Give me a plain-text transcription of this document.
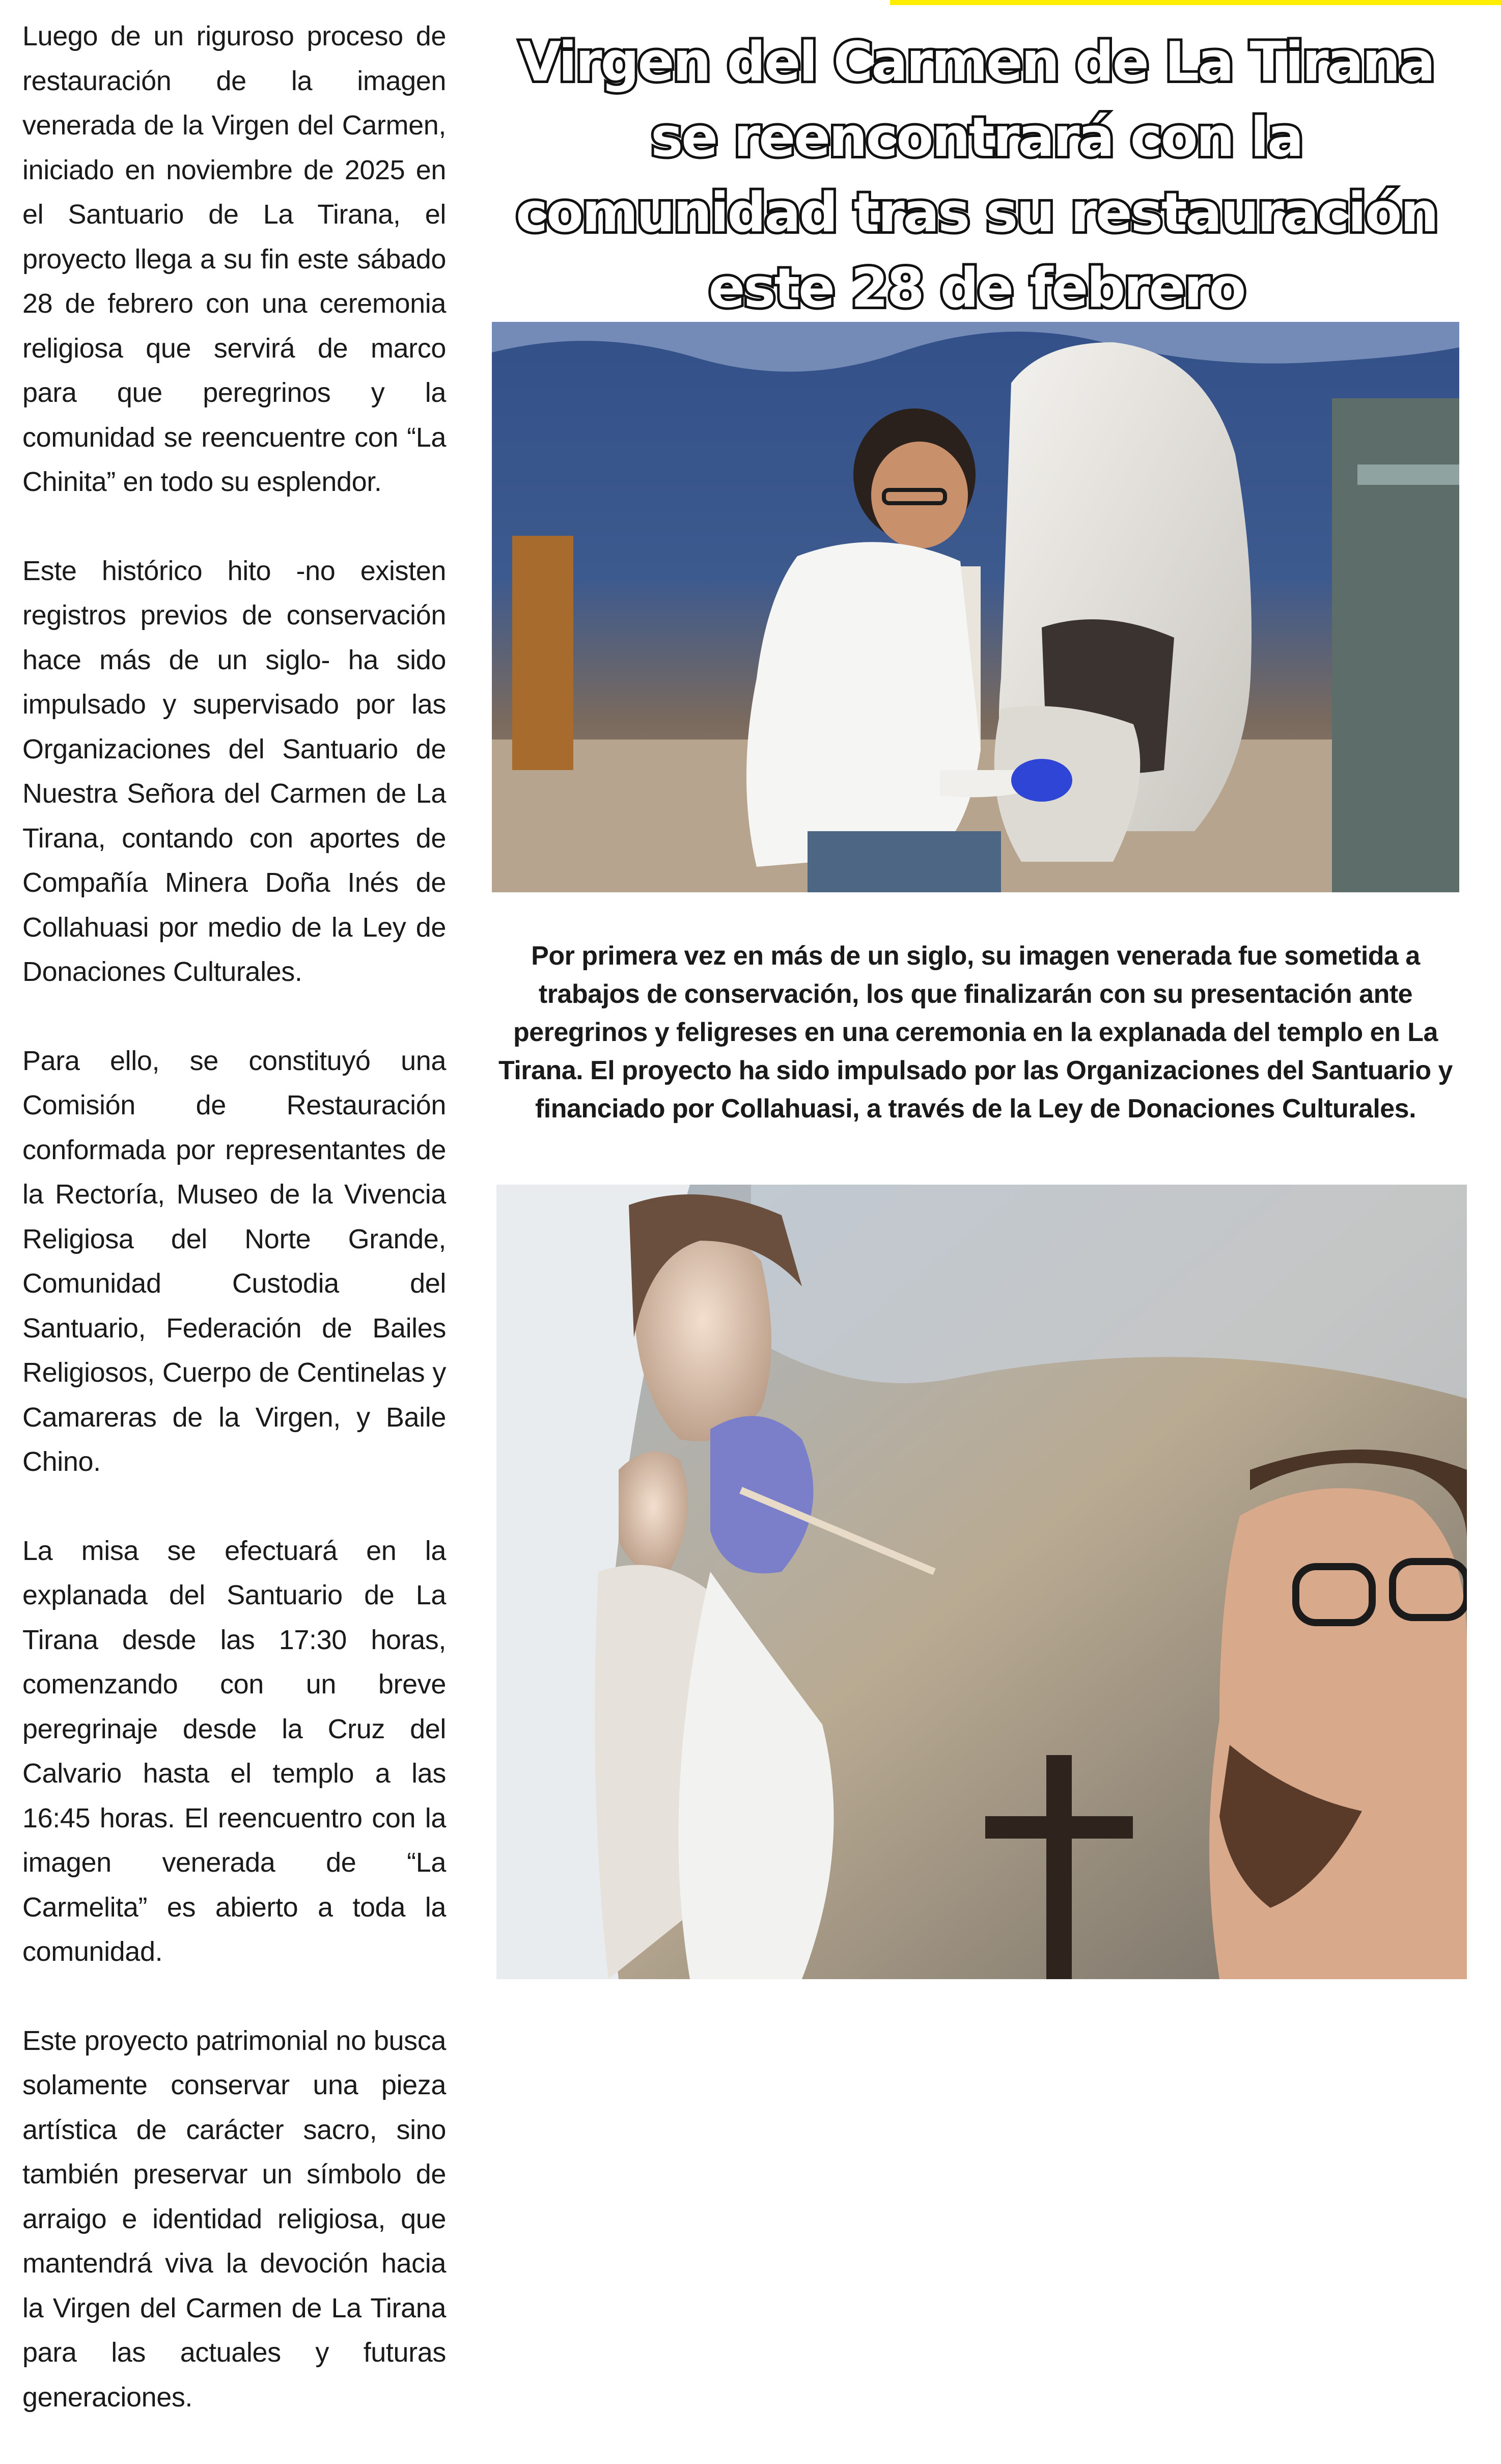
Luego de un riguroso proceso de restauración de la imagen venerada de la Virgen del Carmen, iniciado en noviembre de 2025 en el Santuario de La Tirana, el proyecto llega a su fin este sábado 28 de febrero con una ceremonia religiosa que servirá de marco para que peregrinos y la comunidad se reencuentre con “La Chinita” en todo su esplendor.

Este histórico hito -no existen registros previos de conservación hace más de un siglo- ha sido impulsado y supervisado por las Organizaciones del Santuario de Nuestra Señora del Carmen de La Tirana, contando con aportes de Compañía Minera Doña Inés de Collahuasi por medio de la Ley de Donaciones Culturales.

Para ello, se constituyó una Comisión de Restauración conformada por representantes de la Rectoría, Museo de la Vivencia Religiosa del Norte Grande, Comunidad Custodia del Santuario, Federación de Bailes Religiosos, Cuerpo de Centinelas y Camareras de la Virgen, y Baile Chino.

La misa se efectuará en la explanada del Santuario de La Tirana desde las 17:30 horas, comenzando con un breve peregrinaje desde la Cruz del Calvario hasta el templo a las 16:45 horas. El reencuentro con la imagen venerada de “La Carmelita” es abierto a toda la comunidad.

Este proyecto patrimonial no busca solamente conservar una pieza artística de carácter sacro, sino también preservar un símbolo de arraigo e identidad religiosa, que mantendrá viva la devoción hacia la Virgen del Carmen de La Tirana para las actuales y futuras generaciones.

Virgen del Carmen de La Tirana se reencontrará con la comunidad tras su restauración este 28 de febrero

Por primera vez en más de un siglo, su imagen venerada fue sometida a trabajos de conservación, los que finalizarán con su presentación ante peregrinos y feligreses en una ceremonia en la explanada del templo en La Tirana. El proyecto ha sido impulsado por las Organizaciones del Santuario y financiado por Collahuasi, a través de la Ley de Donaciones Culturales.
